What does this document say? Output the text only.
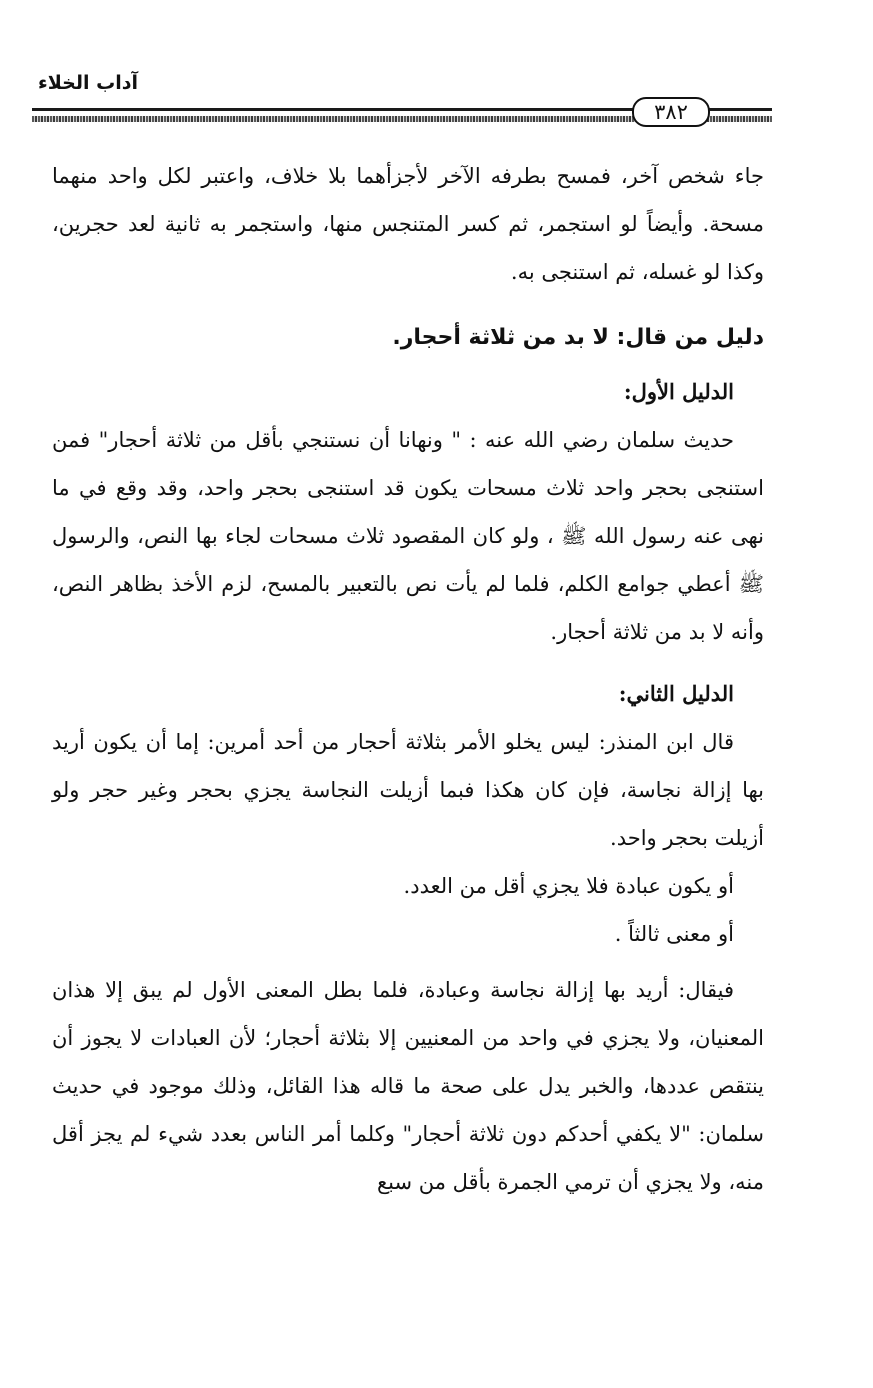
آداب الخلاء
٣٨٢

جاء شخص آخر، فمسح بطرفه الآخر لأجزأهما بلا خلاف، واعتبر لكل واحد منهما مسحة. وأيضاً لو استجمر، ثم كسر المتنجس منها، واستجمر به ثانية لعد حجرين، وكذا لو غسله، ثم استنجى به.

دليل من قال: لا بد من ثلاثة أحجار.
الدليل الأول:

حديث سلمان رضي الله عنه : " ونهانا أن نستنجي بأقل من ثلاثة أحجار" فمن استنجى بحجر واحد ثلاث مسحات يكون قد استنجى بحجر واحد، وقد وقع في ما نهى عنه رسول الله ﷺ ، ولو كان المقصود ثلاث مسحات لجاء بها النص، والرسول ﷺ أعطي جوامع الكلم، فلما لم يأت نص بالتعبير بالمسح، لزم الأخذ بظاهر النص، وأنه لا بد من ثلاثة أحجار.

الدليل الثاني:

قال ابن المنذر: ليس يخلو الأمر بثلاثة أحجار من أحد أمرين: إما أن يكون أريد بها إزالة نجاسة، فإن كان هكذا فبما أزيلت النجاسة يجزي بحجر وغير حجر ولو أزيلت بحجر واحد.

أو يكون عبادة فلا يجزي أقل من العدد.

أو معنى ثالثاً .

فيقال: أريد بها إزالة نجاسة وعبادة، فلما بطل المعنى الأول لم يبق إلا هذان المعنيان، ولا يجزي في واحد من المعنيين إلا بثلاثة أحجار؛ لأن العبادات لا يجوز أن ينتقص عددها، والخبر يدل على صحة ما قاله هذا القائل، وذلك موجود في حديث سلمان: "لا يكفي أحدكم دون ثلاثة أحجار" وكلما أمر الناس بعدد شيء لم يجز أقل منه، ولا يجزي أن ترمي الجمرة بأقل من سبع
